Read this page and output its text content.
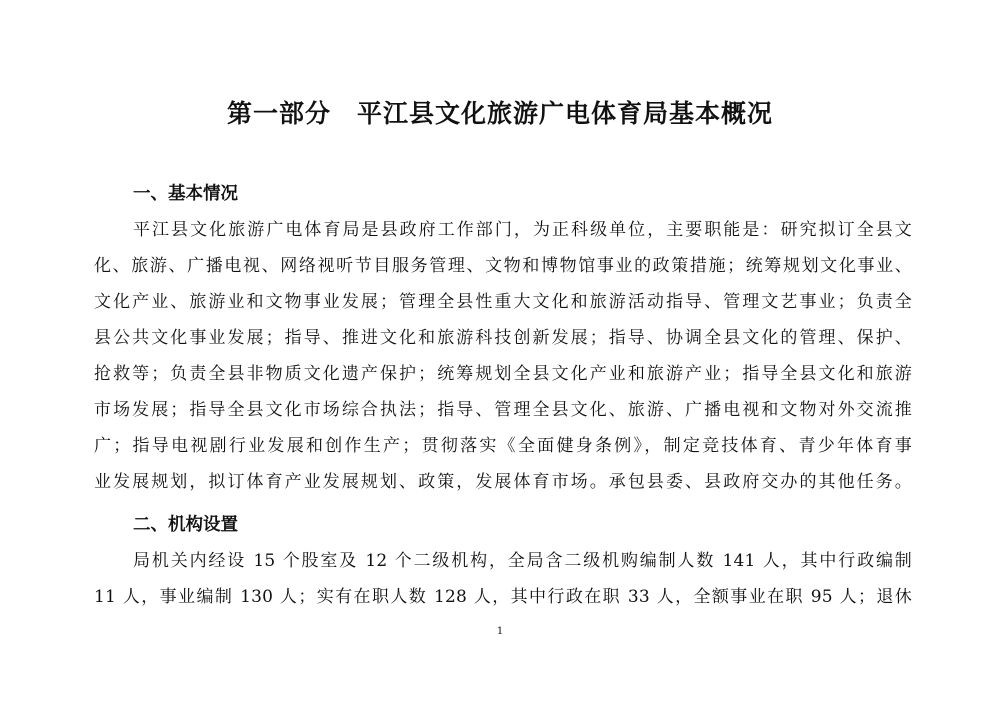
第一部分　平江县文化旅游广电体育局基本概况
一、基本情况
平江县文化旅游广电体育局是县政府工作部门，为正科级单位，主要职能是：研究拟订全县文
化、旅游、广播电视、网络视听节目服务管理、文物和博物馆事业的政策措施；统筹规划文化事业、
文化产业、旅游业和文物事业发展；管理全县性重大文化和旅游活动指导、管理文艺事业；负责全
县公共文化事业发展；指导、推进文化和旅游科技创新发展；指导、协调全县文化的管理、保护、
抢救等；负责全县非物质文化遗产保护；统筹规划全县文化产业和旅游产业；指导全县文化和旅游
市场发展；指导全县文化市场综合执法；指导、管理全县文化、旅游、广播电视和文物对外交流推
广；指导电视剧行业发展和创作生产；贯彻落实《全面健身条例》，制定竞技体育、青少年体育事
业发展规划，拟订体育产业发展规划、政策，发展体育市场。承包县委、县政府交办的其他任务。
二、机构设置
局机关内经设 15 个股室及 12 个二级机构，全局含二级机购编制人数 141 人，其中行政编制
11 人，事业编制 130 人；实有在职人数 128 人，其中行政在职 33 人，全额事业在职 95 人；退休
1
